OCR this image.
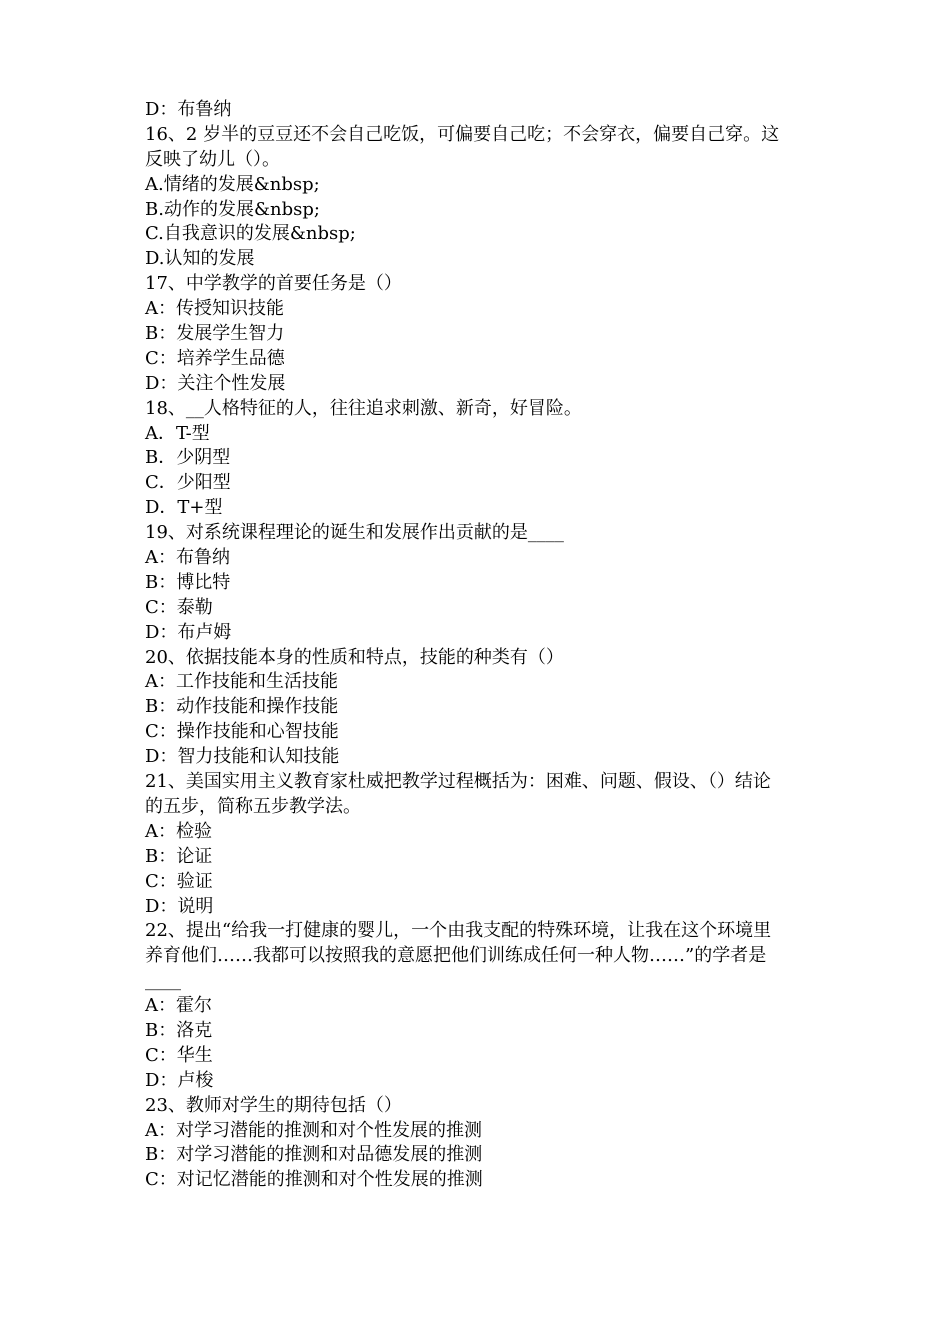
D：布鲁纳
16、2 岁半的豆豆还不会自己吃饭，可偏要自己吃；不会穿衣，偏要自己穿。这
反映了幼儿（）。
A.情绪的发展&nbsp;
B.动作的发展&nbsp;
C.自我意识的发展&nbsp;
D.认知的发展
17、中学教学的首要任务是（）
A：传授知识技能
B：发展学生智力
C：培养学生品德
D：关注个性发展
18、__人格特征的人，往往追求刺激、新奇，好冒险。
A．T-型
B．少阴型
C．少阳型
D．T+型
19、对系统课程理论的诞生和发展作出贡献的是____
A：布鲁纳
B：博比特
C：泰勒
D：布卢姆
20、依据技能本身的性质和特点，技能的种类有（）
A：工作技能和生活技能
B：动作技能和操作技能
C：操作技能和心智技能
D：智力技能和认知技能
21、美国实用主义教育家杜威把教学过程概括为：困难、问题、假设、（）结论
的五步，简称五步教学法。
A：检验
B：论证
C：验证
D：说明
22、提出“给我一打健康的婴儿，一个由我支配的特殊环境，让我在这个环境里
养育他们……我都可以按照我的意愿把他们训练成任何一种人物……”的学者是
____
A：霍尔
B：洛克
C：华生
D：卢梭
23、教师对学生的期待包括（）
A：对学习潜能的推测和对个性发展的推测
B：对学习潜能的推测和对品德发展的推测
C：对记忆潜能的推测和对个性发展的推测
